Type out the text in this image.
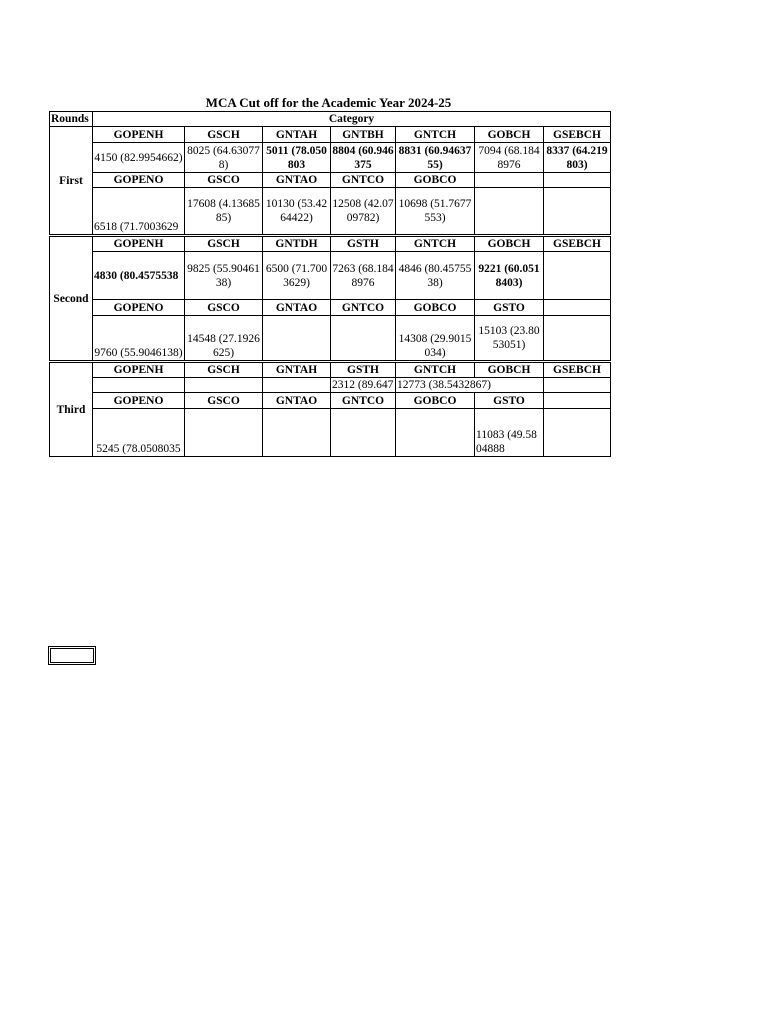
MCA Cut off for the Academic Year 2024-25
Rounds	Category						
First	GOPENH	GSCH	GNTAH	GNTBH	GNTCH	GOBCH	GSEBCH
	4150 (82.9954662)	8025 (64.630778)	5011 (78.050803	8804 (60.946375	8831 (60.9463755)	7094 (68.1848976	8337 (64.219803)
	GOPENO	GSCO	GNTAO	GNTCO	GOBCO		
	6518 (71.7003629	17608 (4.1368585)	10130 (53.4264422)	12508 (42.0709782)	10698 (51.7677553)		
Second	GOPENH	GSCH	GNTDH	GSTH	GNTCH	GOBCH	GSEBCH
	4830 (80.4575538	9825 (55.9046138)	6500 (71.7003629)	7263 (68.1848976	4846 (80.4575538)	9221 (60.0518403)	
	GOPENO	GSCO	GNTAO	GNTCO	GOBCO	GSTO	
	9760 (55.9046138)	14548 (27.1926625)			14308 (29.9015034)	15103 (23.8053051)	
Third	GOPENH	GSCH	GNTAH	GSTH	GNTCH	GOBCH	GSEBCH
				2312 (89.647	12773 (38.5432867)		
	GOPENO	GSCO	GNTAO	GNTCO	GOBCO	GSTO	
	5245 (78.0508035					11083 (49.5804888	
